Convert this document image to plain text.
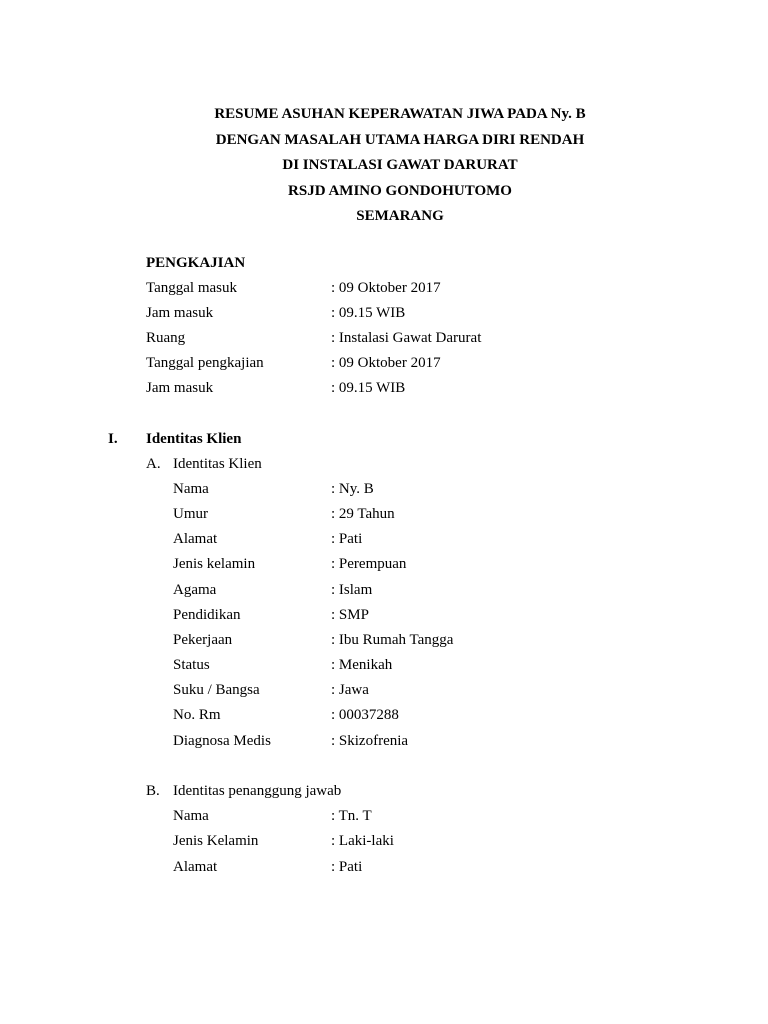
RESUME ASUHAN KEPERAWATAN JIWA PADA Ny. B
DENGAN MASALAH UTAMA HARGA DIRI RENDAH
DI INSTALASI GAWAT DARURAT
RSJD AMINO GONDOHUTOMO
SEMARANG
PENGKAJIAN
Tanggal masuk	: 09 Oktober 2017
Jam masuk	: 09.15 WIB
Ruang	: Instalasi Gawat Darurat
Tanggal pengkajian	: 09 Oktober 2017
Jam masuk	: 09.15 WIB
I. Identitas Klien
A. Identitas Klien
Nama	: Ny. B
Umur	: 29 Tahun
Alamat	: Pati
Jenis kelamin	: Perempuan
Agama	: Islam
Pendidikan	: SMP
Pekerjaan	: Ibu Rumah Tangga
Status	: Menikah
Suku / Bangsa	: Jawa
No. Rm	: 00037288
Diagnosa Medis	: Skizofrenia
B. Identitas penanggung jawab
Nama	: Tn. T
Jenis Kelamin	: Laki-laki
Alamat	: Pati
